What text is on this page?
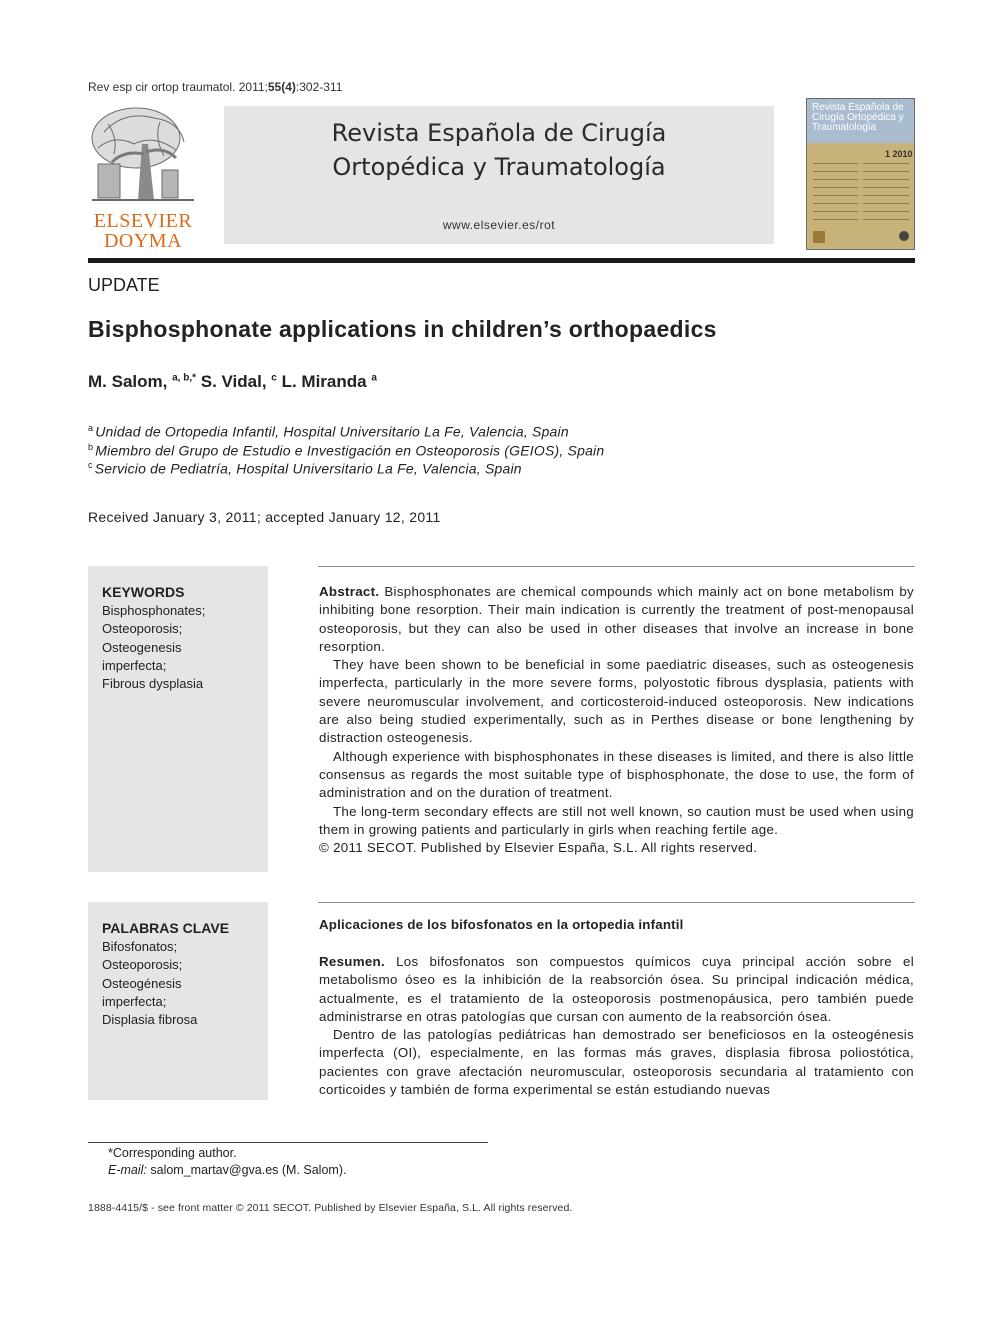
Rev esp cir ortop traumatol. 2011;55(4):302-311
ELSEVIER
DOYMA
Revista Española de Cirugía
Ortopédica y Traumatología
www.elsevier.es/rot
Revista Española de Cirugía Ortopédica y Traumatología
1 2010
UPDATE
Bisphosphonate applications in children’s orthopaedics
M. Salom, $^{a, b,*}$ S. Vidal, $^c$ L. Miranda $^a$
$^a$ Unidad de Ortopedia Infantil, Hospital Universitario La Fe, Valencia, Spain
$^b$ Miembro del Grupo de Estudio e Investigación en Osteoporosis (GEIOS), Spain
$^c$ Servicio de Pediatría, Hospital Universitario La Fe, Valencia, Spain
Received January 3, 2011; accepted January 12, 2011
KEYWORDS
Bisphosphonates;
Osteoporosis;
Osteogenesis
imperfecta;
Fibrous dysplasia

Abstract. Bisphosphonates are chemical compounds which mainly act on bone metabolism by inhibiting bone resorption. Their main indication is currently the treatment of post-menopausal osteoporosis, but they can also be used in other diseases that involve an increase in bone resorption.

They have been shown to be beneficial in some paediatric diseases, such as osteogenesis imperfecta, particularly in the more severe forms, polyostotic fibrous dysplasia, patients with severe neuromuscular involvement, and corticosteroid-induced osteoporosis. New indications are also being studied experimentally, such as in Perthes disease or bone lengthening by distraction osteogenesis.

Although experience with bisphosphonates in these diseases is limited, and there is also little consensus as regards the most suitable type of bisphosphonate, the dose to use, the form of administration and on the duration of treatment.

The long-term secondary effects are still not well known, so caution must be used when using them in growing patients and particularly in girls when reaching fertile age.

© 2011 SECOT. Published by Elsevier España, S.L. All rights reserved.

PALABRAS CLAVE
Bifosfonatos;
Osteoporosis;
Osteogénesis
imperfecta;
Displasia fibrosa
Aplicaciones de los bifosfonatos en la ortopedia infantil

Resumen. Los bifosfonatos son compuestos químicos cuya principal acción sobre el metabolismo óseo es la inhibición de la reabsorción ósea. Su principal indicación médica, actualmente, es el tratamiento de la osteoporosis postmenopáusica, pero también puede administrarse en otras patologías que cursan con aumento de la reabsorción ósea.

Dentro de las patologías pediátricas han demostrado ser beneficiosos en la osteogénesis imperfecta (OI), especialmente, en las formas más graves, displasia fibrosa poliostótica, pacientes con grave afectación neuromuscular, osteoporosis secundaria al tratamiento con corticoides y también de forma experimental se están estudiando nuevas

*Corresponding author.
E-mail: salom_martav@gva.es (M. Salom).
1888-4415/$ - see front matter © 2011 SECOT. Published by Elsevier España, S.L. All rights reserved.
